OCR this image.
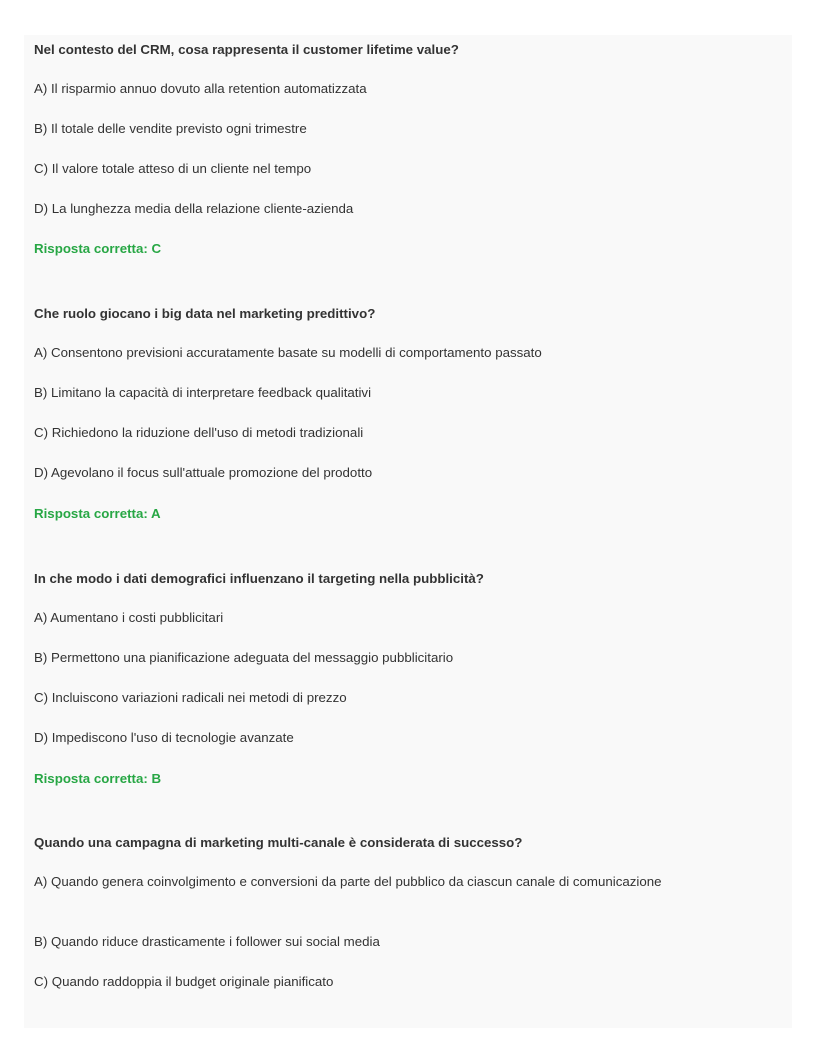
Nel contesto del CRM, cosa rappresenta il customer lifetime value?
A) Il risparmio annuo dovuto alla retention automatizzata
B) Il totale delle vendite previsto ogni trimestre
C) Il valore totale atteso di un cliente nel tempo
D) La lunghezza media della relazione cliente-azienda
Risposta corretta: C
Che ruolo giocano i big data nel marketing predittivo?
A) Consentono previsioni accuratamente basate su modelli di comportamento passato
B) Limitano la capacità di interpretare feedback qualitativi
C) Richiedono la riduzione dell'uso di metodi tradizionali
D) Agevolano il focus sull'attuale promozione del prodotto
Risposta corretta: A
In che modo i dati demografici influenzano il targeting nella pubblicità?
A) Aumentano i costi pubblicitari
B) Permettono una pianificazione adeguata del messaggio pubblicitario
C) Incluiscono variazioni radicali nei metodi di prezzo
D) Impediscono l'uso di tecnologie avanzate
Risposta corretta: B
Quando una campagna di marketing multi-canale è considerata di successo?
A) Quando genera coinvolgimento e conversioni da parte del pubblico da ciascun canale di comunicazione
B) Quando riduce drasticamente i follower sui social media
C) Quando raddoppia il budget originale pianificato
